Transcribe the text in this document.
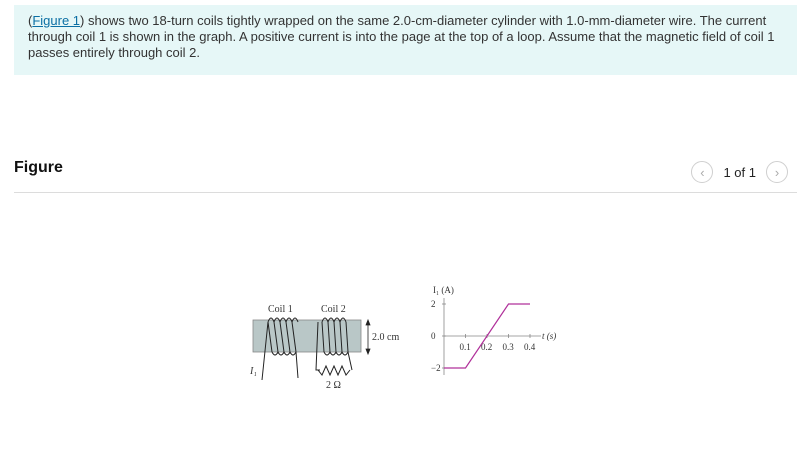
(Figure 1) shows two 18-turn coils tightly wrapped on the same 2.0-cm-diameter cylinder with 1.0-mm-diameter wire. The current through coil 1 is shown in the graph. A positive current is into the page at the top of a loop. Assume that the magnetic field of coil 1 passes entirely through coil 2.
Figure	‹	1 of 1	›
Coil 1	Coil 2
2.0 cm
I₁
2 Ω
I₁ (A)
t (s)
0.1 0.2 0.3 0.4
2
0
−2
